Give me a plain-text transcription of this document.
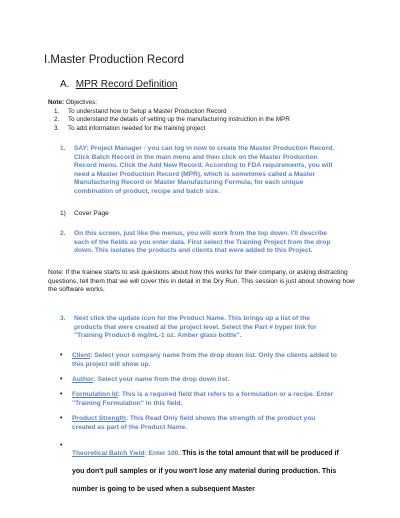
I.Master Production Record
A. MPR Record Definition
Note: Objectives:
1.	To understand how to Setup a Master Production Record
2.	To understand the details of setting up the manufacturing instruction in the MPR
3.	To add information needed for the training project
1.	SAY: Project Manager - you can log in now to create the Master Production Record. Click Batch Record in the main menu and then click on the Master Production Record menu. Click the Add New Record. According to FDA requirements, you will need a Master Production Record (MPR), which is sometimes called a Master Manufacturing Record or Master Manufacturing Formula, for each unique combination of product, recipe and batch size.
1)	Cover Page
2.	On this screen, just like the menus, you will work from the top down. I'll describe each of the fields as you enter data. First select the Training Project from the drop down. This isolates the products and clients that were added to this Project.
Note: If the trainee starts to ask questions about how this works for their company, or asking distracting questions, tell them that we will cover this in detail in the Dry Run. This session is just about showing how the software works.
3.	Next click the update icon for the Product Name. This brings up a list of the products that were created at the project level. Select the Part # hyper link for "Training Product-6 mg/mL-1 oz. Amber glass bottle".
•	Client: Select your company name from the drop down list. Only the clients added to this project will show up.
•	Author: Select your name from the drop down list.
•	Formulation Id: This is a required field that refers to a formulation or a recipe. Enter "Training Formulation" in this field.
•	Product Strength: This Read Only field shows the strength of the product you created as part of the Product Name.
•
Theoretical Batch Yield: Enter 100. This is the total amount that will be produced if you don't pull samples or if you won't lose any material during production. This number is going to be used when a subsequent Master
